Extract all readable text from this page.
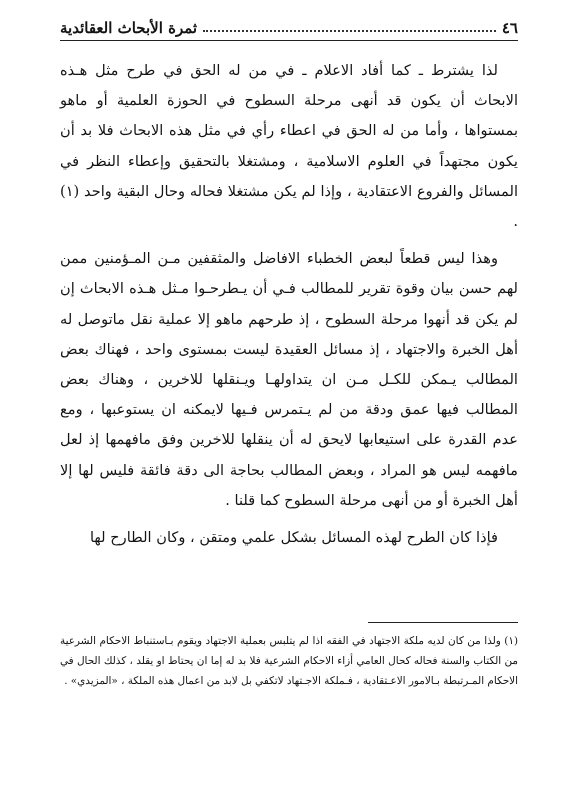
٤٦
ثمرة الأبحاث العقائدية

لذا يشترط ـ كما أفاد الاعلام ـ في من له الحق في طرح مثل هـذه الابحاث أن يكون قد أنهى مرحلة السطوح في الحوزة العلمية أو ماهو بمستواها ، وأما من له الحق في اعطاء رأي في مثل هذه الابحاث فلا بد أن يكون مجتهداً في العلوم الاسلامية ، ومشتغلا بالتحقيق وإعطاء النظر في المسائل والفروع الاعتقادية ، وإذا لم يكن مشتغلا فحاله وحال البقية واحد (١) .

وهذا ليس قطعاً لبعض الخطباء الافاضل والمثقفين مـن المـؤمنين ممن لهم حسن بيان وقوة تقرير للمطالب فـي أن يـطرحـوا مـثل هـذه الابحاث إن لم يكن قد أنهوا مرحلة السطوح ، إذ طرحهم ماهو إلا عملية نقل ماتوصل له أهل الخبرة والاجتهاد ، إذ مسائل العقيدة ليست بمستوى واحد ، فهناك بعض المطالب يـمكن للكـل مـن ان يتداولهـا ويـنقلها للاخرين ، وهناك بعض المطالب فيها عمق ودقة من لم يـتمرس فـيها لايمكنه ان يستوعبها ، ومع عدم القدرة على استيعابها لايحق له أن ينقلها للاخرين وفق مافهمها إذ لعل مافهمه ليس هو المراد ، وبعض المطالب بحاجة الى دقة فائقة فليس لها إلا أهل الخبرة أو من أنهى مرحلة السطوح كما قلنا .

فإذا كان الطرح لهذه المسائل بشكل علمي ومتقن ، وكان الطارح لها

(١) ولذا من كان لديه ملكة الاجتهاد في الفقه اذا لم يتلبس بعملية الاجتهاد ويقوم بـاستنباط الاحكام الشرعية من الكتاب والسنة فحاله كحال العامي أزاء الاحكام الشرعية فلا بد له إما ان يحتاط او يقلد ، كذلك الحال في الاحكام المـرتبطة بـالامور الاعـتقادية ، فـملكة الاجـتهاد لاتكفي بل لابد من اعمال هذه الملكة ، «المزيدي» .
